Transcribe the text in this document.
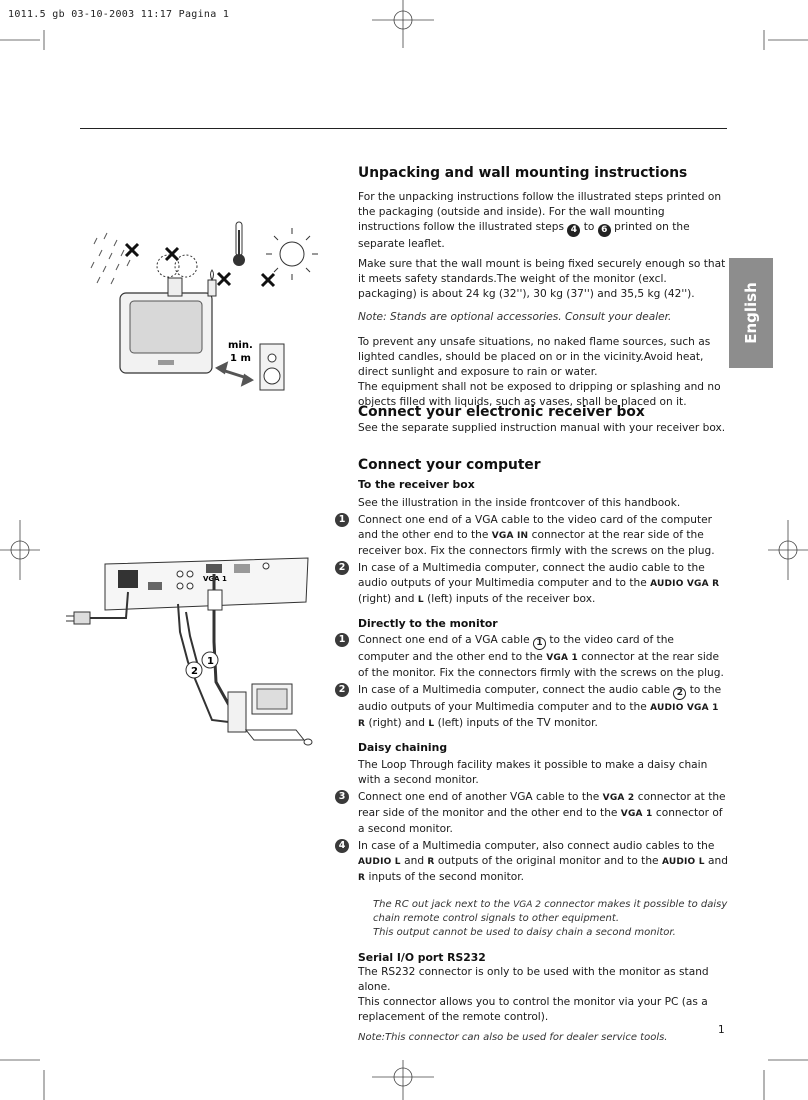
1011.5 gb 03-10-2003 11:17 Pagina 1
English
min.
1 m
VGA 1
1
2
Unpacking and wall mounting instructions

For the unpacking instructions follow the illustrated steps printed on the packaging (outside and inside). For the wall mounting instructions follow the illustrated steps 4 to 6 printed on the separate leaflet.

Make sure that the wall mount is being fixed securely enough so that it meets safety standards.The weight of the monitor (excl. packaging) is about 24 kg (32''), 30 kg (37'') and 35,5 kg (42'').

Note: Stands are optional accessories. Consult your dealer.

To prevent any unsafe situations, no naked flame sources, such as lighted candles, should be placed on or in the vicinity.Avoid heat, direct sunlight and exposure to rain or water.

The equipment shall not be exposed to dripping or splashing and no objects filled with liquids, such as vases, shall be placed on it.

Connect your electronic receiver box

See the separate supplied instruction manual with your receiver box.

Connect your computer
To the receiver box

See the illustration in the inside frontcover of this handbook.

1	Connect one end of a VGA cable to the video card of the computer and the other end to the VGA IN connector at the rear side of the receiver box. Fix the connectors firmly with the screws on the plug.

2	In case of a Multimedia computer, connect the audio cable to the audio outputs of your Multimedia computer and to the AUDIO VGA R (right) and L (left) inputs of the receiver box.

Directly to the monitor
1	Connect one end of a VGA cable 1 to the video card of the computer and the other end to the VGA 1 connector at the rear side of the monitor. Fix the connectors firmly with the screws on the plug.

2	In case of a Multimedia computer, connect the audio cable 2 to the audio outputs of your Multimedia computer and to the AUDIO VGA 1 R (right) and L (left) inputs of the TV monitor.

Daisy chaining

The Loop Through facility makes it possible to make a daisy chain with a second monitor.

3	Connect one end of another VGA cable to the VGA 2 connector at the rear side of the monitor and the other end to the VGA 1 connector of a second monitor.

4	In case of a Multimedia computer, also connect audio cables to the AUDIO L and R outputs of the original monitor and to the AUDIO L and R inputs of the second monitor.

The RC out jack next to the VGA 2 connector makes it possible to daisy chain remote control signals to other equipment.

This output cannot be used to daisy chain a second monitor.

Serial I/O port RS232

The RS232 connector is only to be used with the monitor as stand alone.

This connector allows you to control the monitor via your PC (as a replacement of the remote control).

Note:This connector can also be used for dealer service tools.

1
